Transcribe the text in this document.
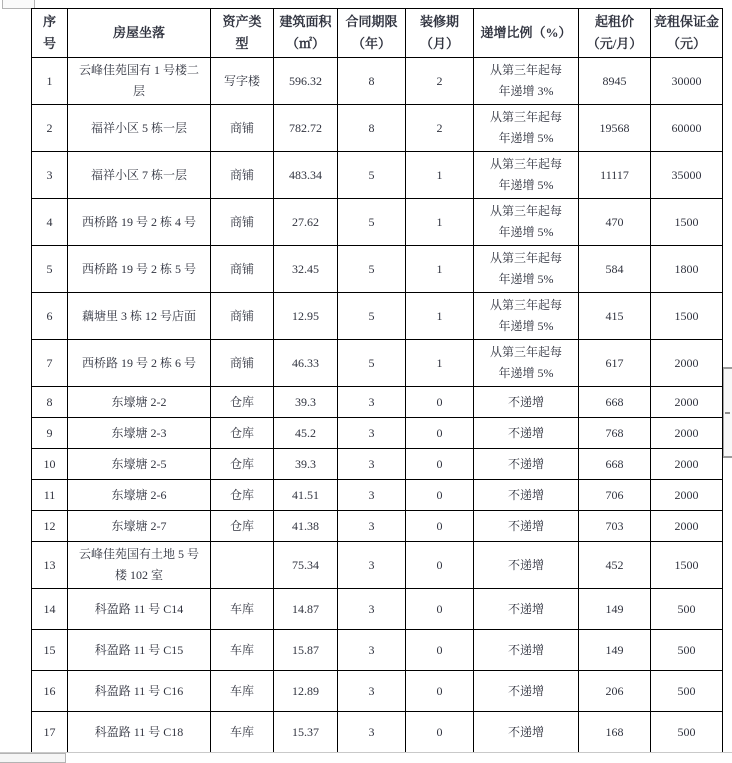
序号	房屋坐落	资产类型	建筑面积（㎡）	合同期限（年）	装修期（月）	递增比例（%）	起租价（元/月）	竞租保证金（元）
1	云峰佳苑国有 1 号楼二层	写字楼	596.32	8	2	从第三年起每年递增 3%	8945	30000
2	福祥小区 5 栋一层	商铺	782.72	8	2	从第三年起每年递增 5%	19568	60000
3	福祥小区 7 栋一层	商铺	483.34	5	1	从第三年起每年递增 5%	11117	35000
4	西桥路 19 号 2 栋 4 号	商铺	27.62	5	1	从第三年起每年递增 5%	470	1500
5	西桥路 19 号 2 栋 5 号	商铺	32.45	5	1	从第三年起每年递增 5%	584	1800
6	藕塘里 3 栋 12 号店面	商铺	12.95	5	1	从第三年起每年递增 5%	415	1500
7	西桥路 19 号 2 栋 6 号	商铺	46.33	5	1	从第三年起每年递增 5%	617	2000
8	东壕塘 2-2	仓库	39.3	3	0	不递增	668	2000
9	东壕塘 2-3	仓库	45.2	3	0	不递增	768	2000
10	东壕塘 2-5	仓库	39.3	3	0	不递增	668	2000
11	东壕塘 2-6	仓库	41.51	3	0	不递增	706	2000
12	东壕塘 2-7	仓库	41.38	3	0	不递增	703	2000
13	云峰佳苑国有土地 5 号楼 102 室		75.34	3	0	不递增	452	1500
14	科盈路 11 号 C14	车库	14.87	3	0	不递增	149	500
15	科盈路 11 号 C15	车库	15.87	3	0	不递增	149	500
16	科盈路 11 号 C16	车库	12.89	3	0	不递增	206	500
17	科盈路 11 号 C18	车库	15.37	3	0	不递增	168	500
